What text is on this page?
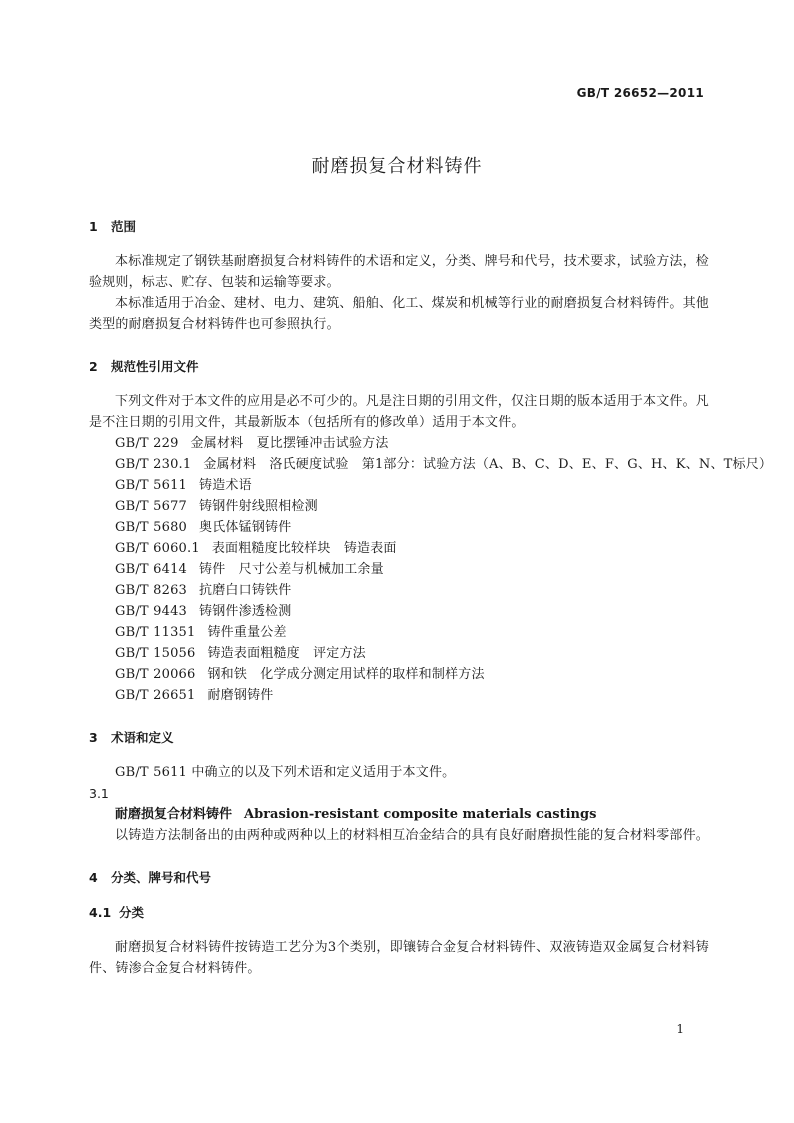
GB/T 26652—2011
耐磨损复合材料铸件
1 范围
本标准规定了钢铁基耐磨损复合材料铸件的术语和定义，分类、牌号和代号，技术要求，试验方法，检验规则，标志、贮存、包装和运输等要求。
本标准适用于冶金、建材、电力、建筑、船舶、化工、煤炭和机械等行业的耐磨损复合材料铸件。其他类型的耐磨损复合材料铸件也可参照执行。
2 规范性引用文件
下列文件对于本文件的应用是必不可少的。凡是注日期的引用文件，仅注日期的版本适用于本文件。凡是不注日期的引用文件，其最新版本（包括所有的修改单）适用于本文件。
GB/T 229 金属材料　夏比摆锤冲击试验方法
GB/T 230.1 金属材料　洛氏硬度试验　第1部分：试验方法（A、B、C、D、E、F、G、H、K、N、T标尺）
GB/T 5611 铸造术语
GB/T 5677 铸钢件射线照相检测
GB/T 5680 奥氏体锰钢铸件
GB/T 6060.1 表面粗糙度比较样块　铸造表面
GB/T 6414 铸件　尺寸公差与机械加工余量
GB/T 8263 抗磨白口铸铁件
GB/T 9443 铸钢件渗透检测
GB/T 11351 铸件重量公差
GB/T 15056 铸造表面粗糙度　评定方法
GB/T 20066 钢和铁　化学成分测定用试样的取样和制样方法
GB/T 26651 耐磨钢铸件
3 术语和定义
GB/T 5611 中确立的以及下列术语和定义适用于本文件。
3.1
耐磨损复合材料铸件 Abrasion-resistant composite materials castings
以铸造方法制备出的由两种或两种以上的材料相互冶金结合的具有良好耐磨损性能的复合材料零部件。
4 分类、牌号和代号
4.1 分类
耐磨损复合材料铸件按铸造工艺分为3个类别，即镶铸合金复合材料铸件、双液铸造双金属复合材料铸件、铸渗合金复合材料铸件。
1
